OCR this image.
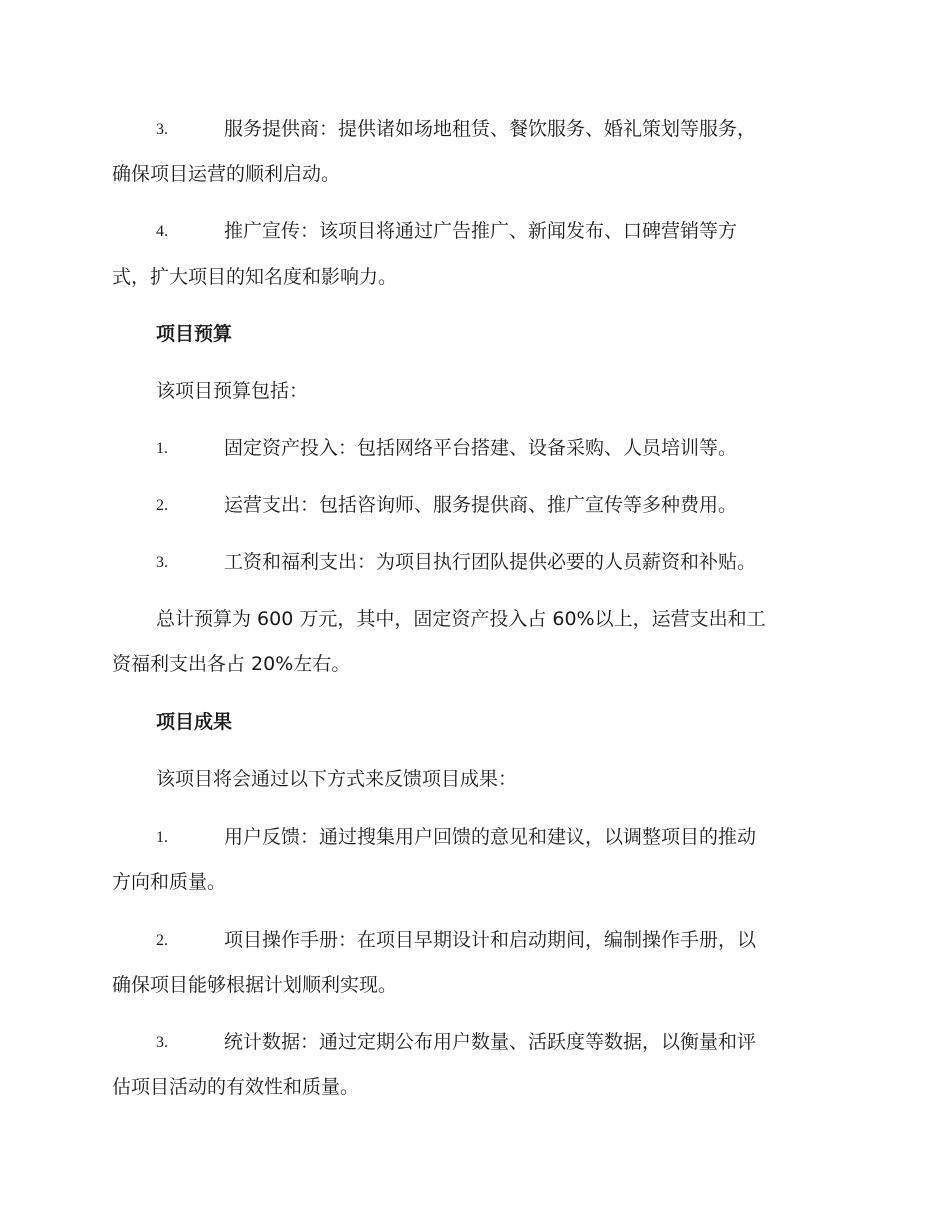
3.	服务提供商：提供诸如场地租赁、餐饮服务、婚礼策划等服务，
确保项目运营的顺利启动。
4.	推广宣传：该项目将通过广告推广、新闻发布、口碑营销等方
式，扩大项目的知名度和影响力。
项目预算
该项目预算包括：
1.	固定资产投入：包括网络平台搭建、设备采购、人员培训等。
2.	运营支出：包括咨询师、服务提供商、推广宣传等多种费用。
3.	工资和福利支出：为项目执行团队提供必要的人员薪资和补贴。
总计预算为 600 万元，其中，固定资产投入占 60%以上，运营支出和工
资福利支出各占 20%左右。
项目成果
该项目将会通过以下方式来反馈项目成果：
1.	用户反馈：通过搜集用户回馈的意见和建议，以调整项目的推动
方向和质量。
2.	项目操作手册：在项目早期设计和启动期间，编制操作手册，以
确保项目能够根据计划顺利实现。
3.	统计数据：通过定期公布用户数量、活跃度等数据，以衡量和评
估项目活动的有效性和质量。
